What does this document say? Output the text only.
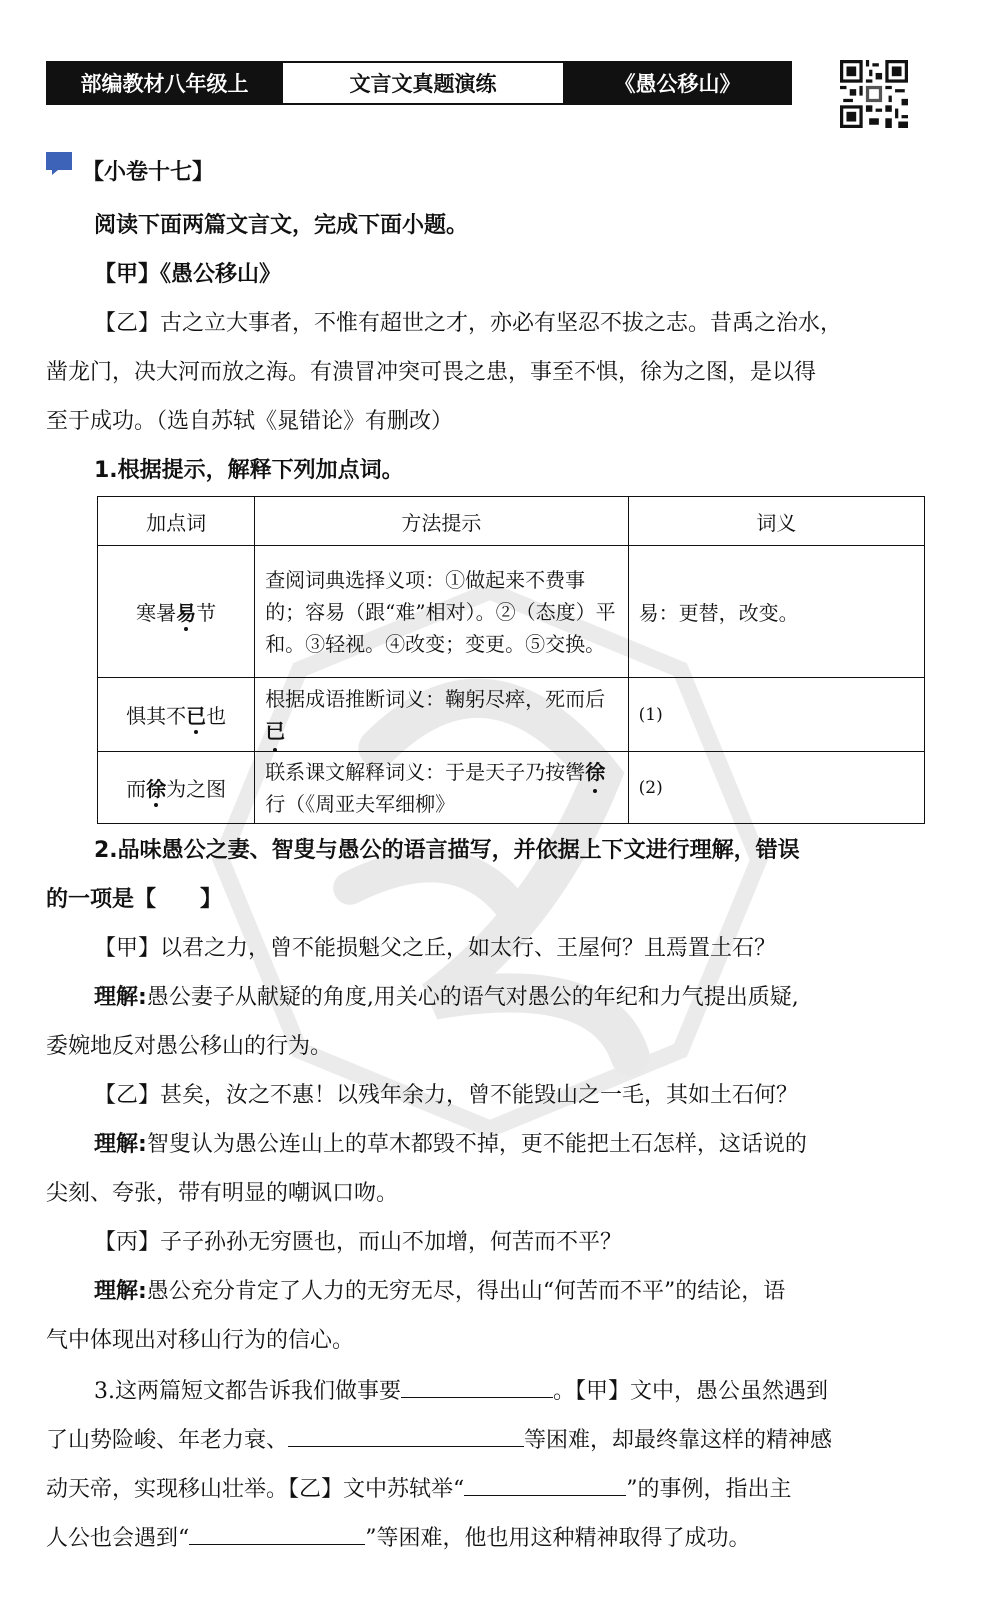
部编教材八年级上	文言文真题演练	《愚公移山》
【小卷十七】
阅读下面两篇文言文，完成下面小题。
【甲】《愚公移山》
【乙】古之立大事者，不惟有超世之才，亦必有坚忍不拔之志。昔禹之治水，
凿龙门，决大河而放之海。有溃冒冲突可畏之患，事至不惧，徐为之图，是以得
至于成功。（选自苏轼《晁错论》有删改）
1.根据提示，解释下列加点词。
加点词	方法提示	词义
寒暑易节	查阅词典选择义项：①做起来不费事的；容易（跟“难”相对）。②（态度）平和。③轻视。④改变；变更。⑤交换。	易：更替，改变。
惧其不已也	根据成语推断词义：鞠躬尽瘁，死而后已	(1)
而徐为之图	联系课文解释词义：于是天子乃按辔徐行（《周亚夫军细柳》	(2)
2.品味愚公之妻、智叟与愚公的语言描写，并依据上下文进行理解，错误
的一项是【　　】
【甲】以君之力，曾不能损魁父之丘，如太行、王屋何？且焉置土石？
理解:愚公妻子从献疑的角度,用关心的语气对愚公的年纪和力气提出质疑,
委婉地反对愚公移山的行为。
【乙】甚矣，汝之不惠！以残年余力，曾不能毁山之一毛，其如土石何？
理解:智叟认为愚公连山上的草木都毁不掉，更不能把土石怎样，这话说的
尖刻、夸张，带有明显的嘲讽口吻。
【丙】子子孙孙无穷匮也，而山不加增，何苦而不平？
理解:愚公充分肯定了人力的无穷无尽，得出山“何苦而不平”的结论，语
气中体现出对移山行为的信心。
3.这两篇短文都告诉我们做事要	。【甲】文中，愚公虽然遇到
了山势险峻、年老力衰、	等困难，却最终靠这样的精神感
动天帝，实现移山壮举。【乙】文中苏轼举“	”的事例，指出主
人公也会遇到“	”等困难，他也用这种精神取得了成功。
